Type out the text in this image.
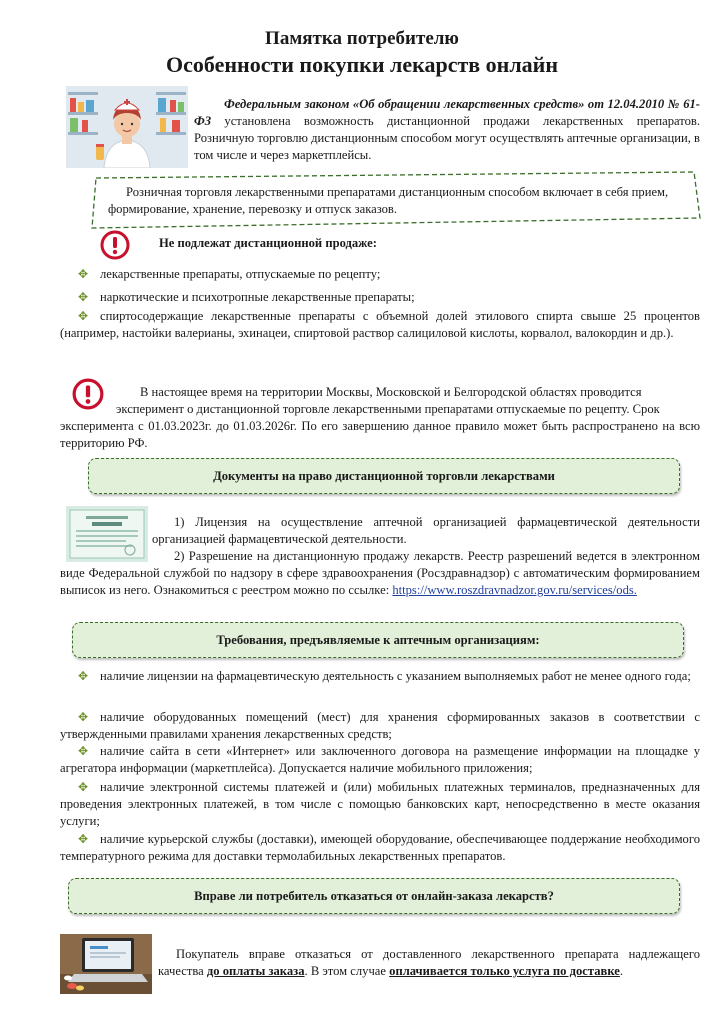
Памятка потребителю
Особенности покупки лекарств онлайн
Федеральным законом «Об обращении лекарственных средств» от 12.04.2010 № 61-ФЗ установлена возможность дистанционной продажи лекарственных препаратов. Розничную торговлю дистанционным способом могут осуществлять аптечные организации, в том числе и через маркетплейсы.
Розничная торговля лекарственными препаратами дистанционным способом включает в себя прием, формирование, хранение, перевозку и отпуск заказов.
Не подлежат дистанционной продаже:
✥ лекарственные препараты, отпускаемые по рецепту;
✥ наркотические и психотропные лекарственные препараты;
✥ спиртосодержащие лекарственные препараты с объемной долей этилового спирта свыше 25 процентов (например, настойки валерианы, эхинацеи, спиртовой раствор салициловой кислоты, корвалол, валокордин и др.).
В настоящее время на территории Москвы, Московской и Белгородской областях проводится
эксперимент о дистанционной торговле лекарственными препаратами отпускаемые по рецепту. Срок
эксперимента с 01.03.2023г. до 01.03.2026г. По его завершению данное правило может быть распространено на всю территорию РФ.
Документы на право дистанционной торговли лекарствами
1) Лицензия на осуществление аптечной организацией фармацевтической деятельности организацией фармацевтической деятельности.
2) Разрешение на дистанционную продажу лекарств. Реестр разрешений ведется в электронном виде Федеральной службой по надзору в сфере здравоохранения (Росздравнадзор) с автоматическим формированием выписок из него. Ознакомиться с реестром можно по ссылке: https://www.roszdravnadzor.gov.ru/services/ods.
Требования, предъявляемые к аптечным организациям:
✥ наличие лицензии на фармацевтическую деятельность с указанием выполняемых работ не менее одного года;
✥ наличие оборудованных помещений (мест) для хранения сформированных заказов в соответствии с утвержденными правилами хранения лекарственных средств;
✥ наличие сайта в сети «Интернет» или заключенного договора на размещение информации на площадке у агрегатора информации (маркетплейса). Допускается наличие мобильного приложения;
✥ наличие электронной системы платежей и (или) мобильных платежных терминалов, предназначенных для проведения электронных платежей, в том числе с помощью банковских карт, непосредственно в месте оказания услуги;
✥ наличие курьерской службы (доставки), имеющей оборудование, обеспечивающее поддержание необходимого температурного режима для доставки термолабильных лекарственных препаратов.
Вправе ли потребитель отказаться от онлайн-заказа лекарств?
Покупатель вправе отказаться от доставленного лекарственного препарата надлежащего качества до оплаты заказа. В этом случае оплачивается только услуга по доставке.
